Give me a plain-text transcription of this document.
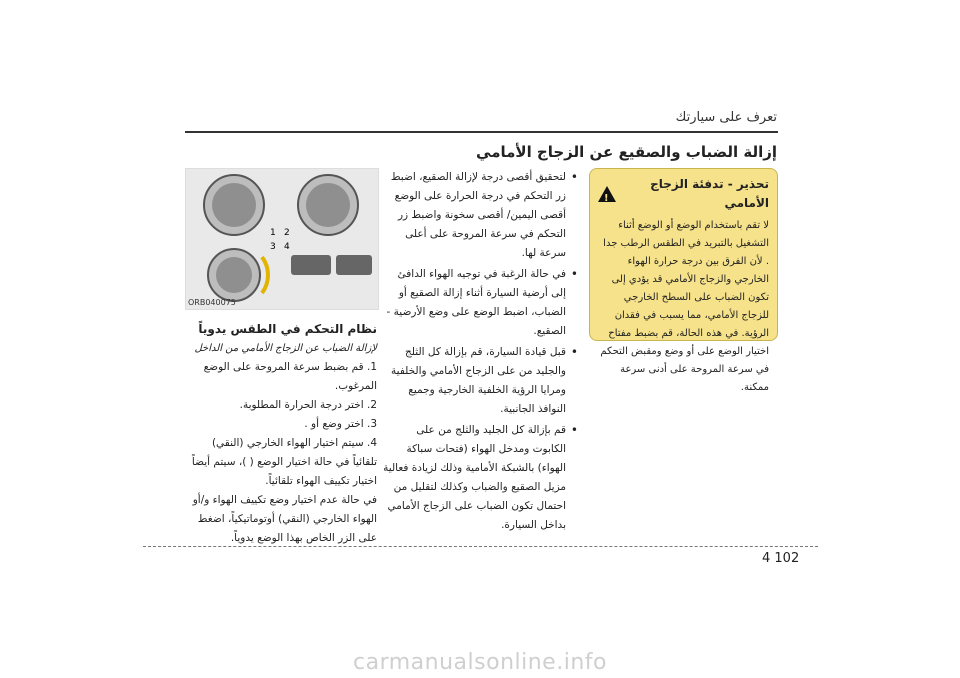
تعرف على سيارتك
إزالة الضباب والصقيع عن الزجاج الأمامي
تحذير - تدفئة الزجاج الأمامي
!
لا تقم باستخدام الوضع أو الوضع أثناء التشغيل بالتبريد في الطقس الرطب جدا . لأن الفرق بين درجة حرارة الهواء الخارجي والزجاج الأمامي قد يؤدي إلى تكون الضباب على السطح الخارجي للزجاج الأمامي، مما يسبب في فقدان الرؤية. في هذه الحالة، قم بضبط مفتاح اختيار الوضع على أو وضع ومقبض التحكم في سرعة المروحة على أدنى سرعة ممكنة.
• لتحقيق أقصى درجة لإزالة الصقيع، اضبط زر التحكم في درجة الحرارة على الوضع أقصى اليمين/ أقصى سخونة واضبط زر التحكم في سرعة المروحة على أعلى سرعة لها.
• في حالة الرغبة في توجيه الهواء الدافئ إلى أرضية السيارة أثناء إزالة الصقيع أو الضباب، اضبط الوضع على وضع الأرضية - الصقيع.
• قبل قيادة السيارة، قم بإزالة كل الثلج والجليد من على الزجاج الأمامي والخلفية ومرايا الرؤية الخلفية الخارجية وجميع النوافذ الجانبية.
• قم بإزالة كل الجليد والثلج من على الكابوت ومدخل الهواء (فتحات سباكة الهواء) بالشبكة الأمامية وذلك لزيادة فعالية مزيل الصقيع والضباب وكذلك لتقليل من احتمال تكون الضباب على الزجاج الأمامي بداخل السيارة.
1 2
3 4
ORB040075
نظام التحكم في الطقس يدوياً
لإزالة الضباب عن الزجاج الأمامي من الداخل
1. قم بضبط سرعة المروحة على الوضع المرغوب.
2. اختر درجة الحرارة المطلوبة.
3. اختر وضع أو .
4. سيتم اختيار الهواء الخارجي (النقي) تلقائياً في حالة اختيار الوضع ( )، سيتم أيضاً اختيار تكييف الهواء تلقائياً.
في حالة عدم اختيار وضع تكييف الهواء و/أو الهواء الخارجي (النقي) أوتوماتيكياً، اضغط على الزر الخاص بهذا الوضع يدوياً.
4 102
carmanualsonline.info
